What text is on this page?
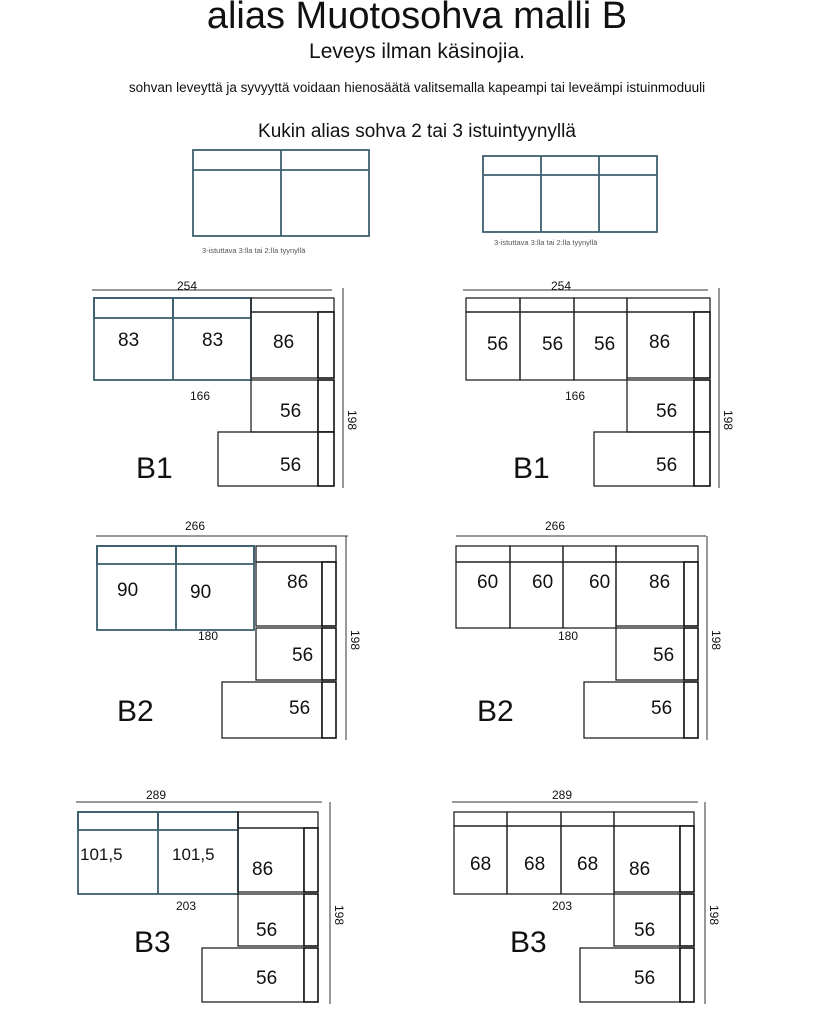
alias Muotosohva malli B
Leveys ilman käsinojia.
sohvan leveyttä ja syvyyttä voidaan hienosäätä valitsemalla kapeampi tai leveämpi istuinmoduuli
Kukin alias sohva 2 tai 3 istuintyynyllä
3-istuttava 3:lla tai 2:lla tyynyllä
3-istuttava 3:lla tai 2:lla tyynyllä
254
198
83	83	86
166
56
56
B1
254
198
56 56 56 86
166
56
56
B1
266
198
90	90	86
180
56
56
B2
266
198
60 60 60 86
180
56
56
B2
289
198
101,5	101,5
86
203
56
56
B3
289
198
68 68 68 86
203
56
56
B3
